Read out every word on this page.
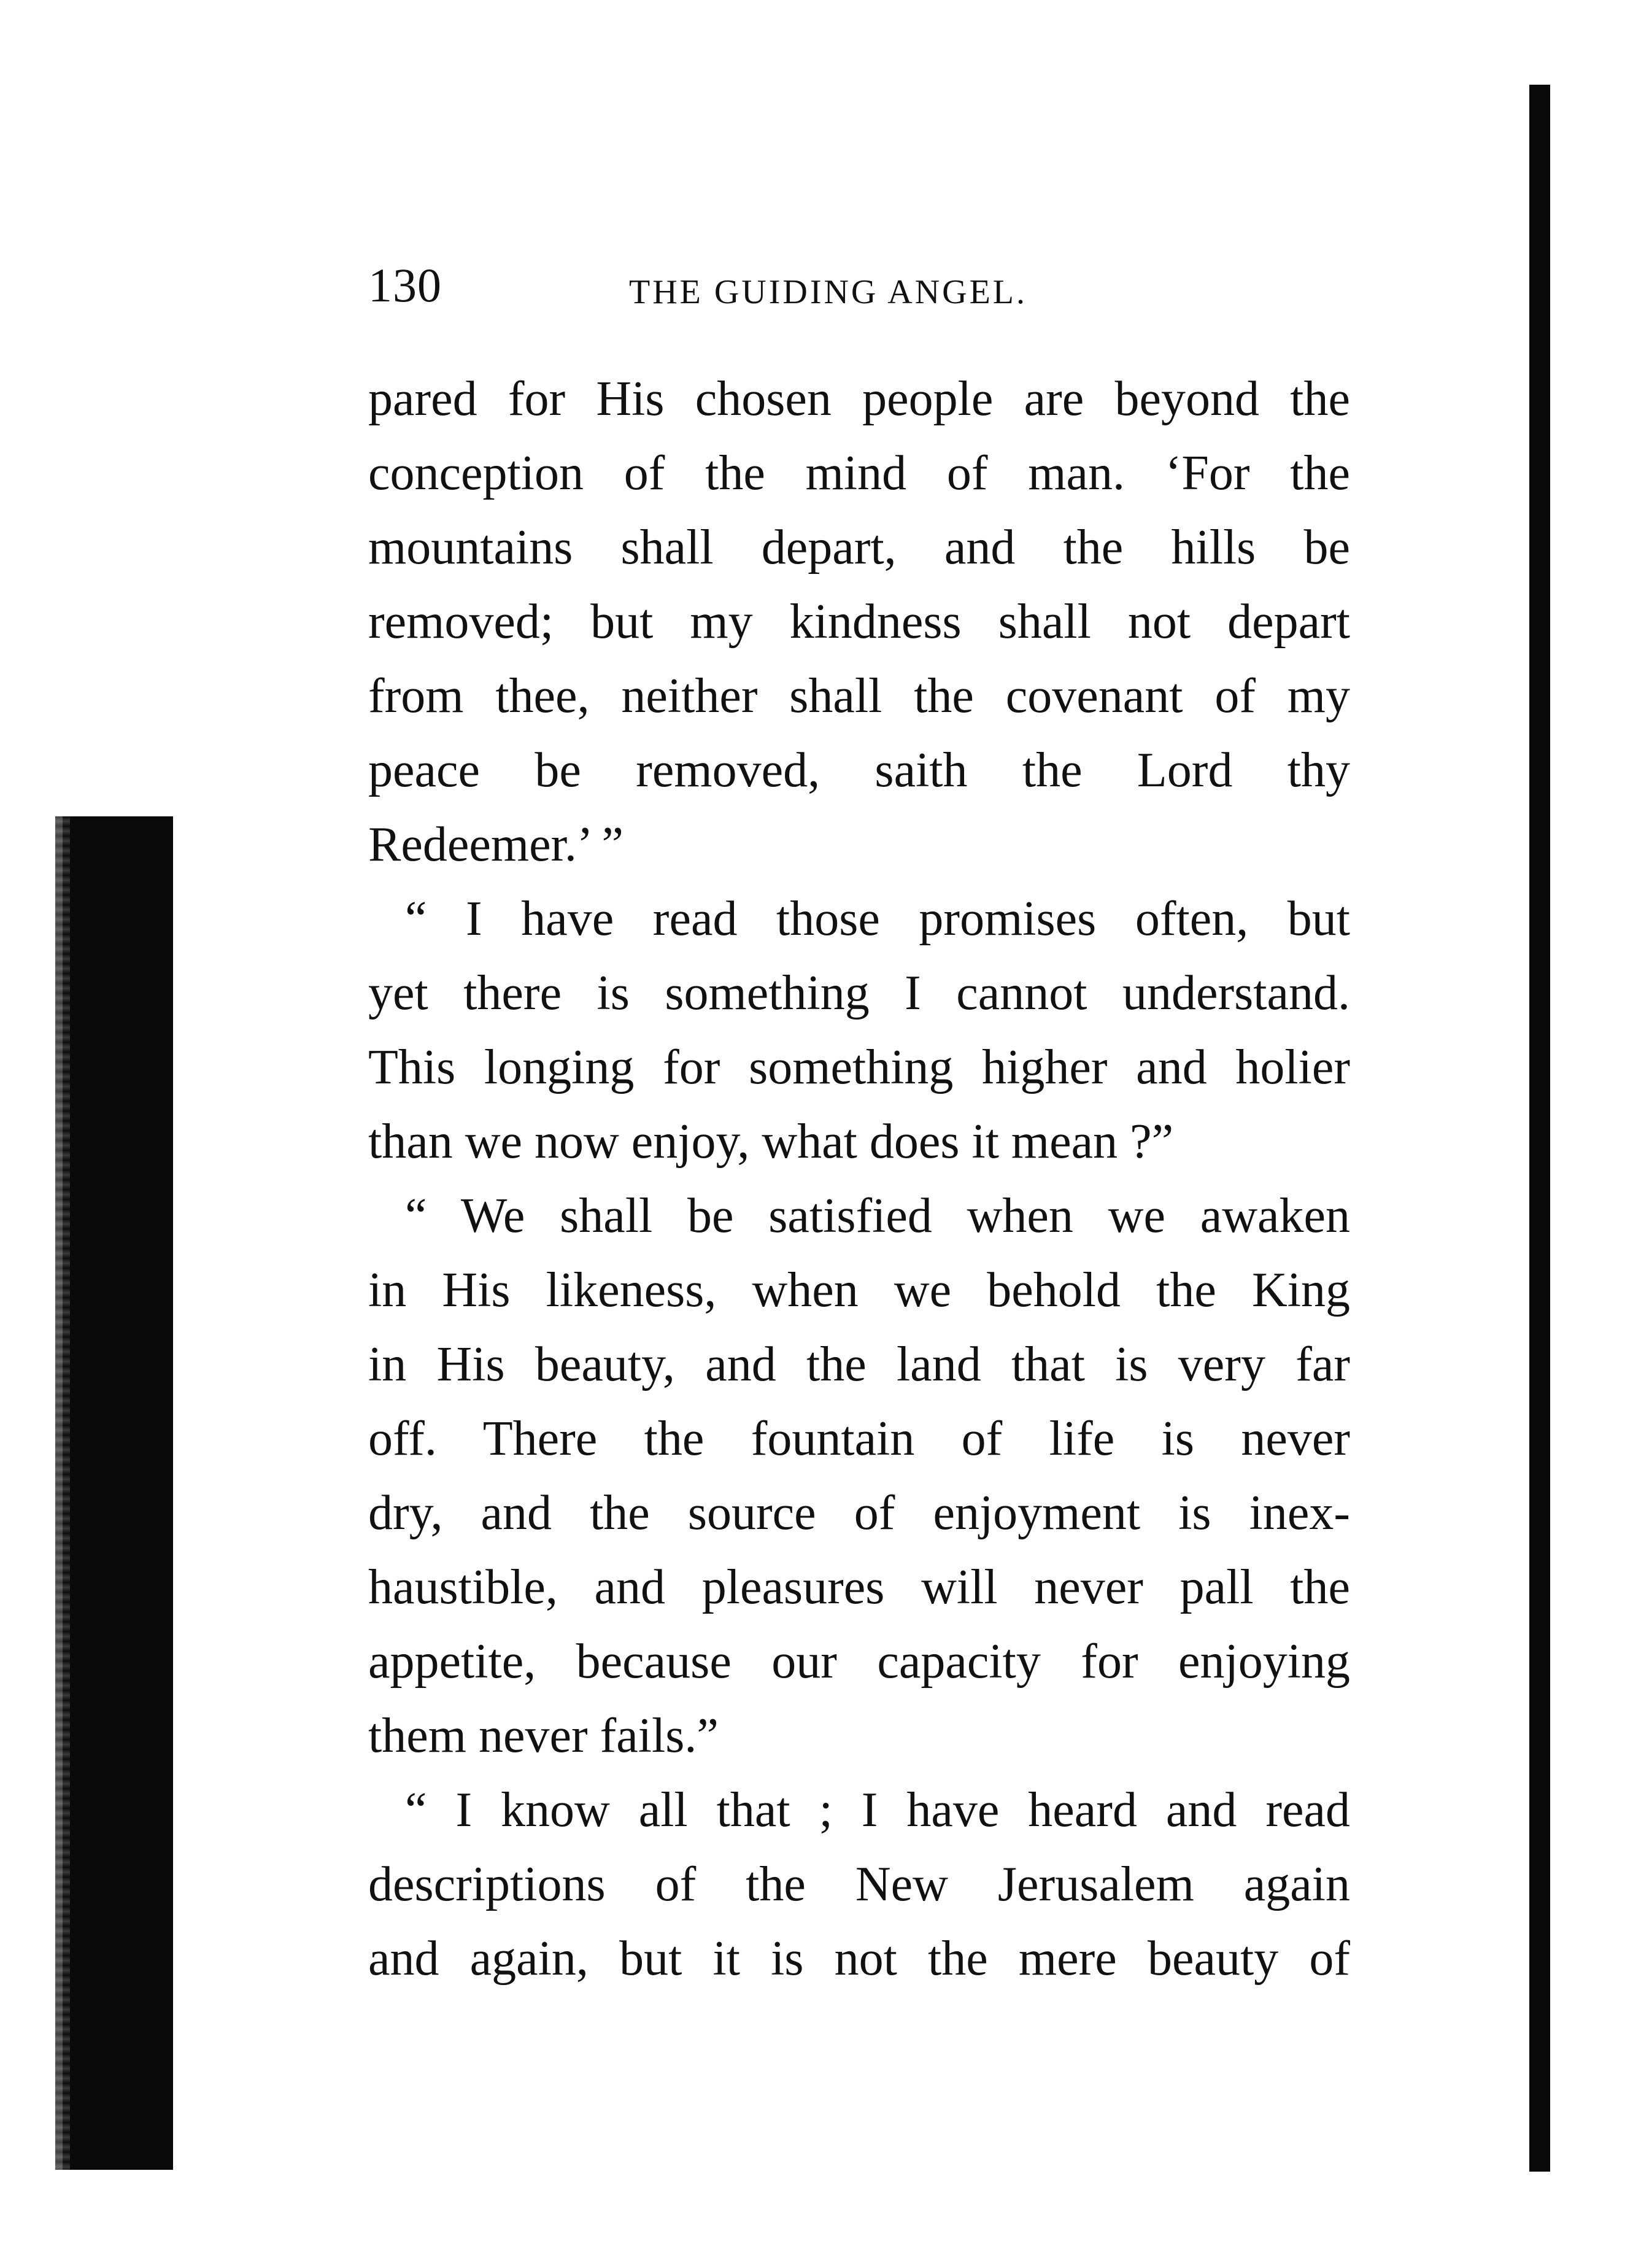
130	THE GUIDING ANGEL.
pared for His chosen people are beyond the
conception of the mind of man. ‘For the
mountains shall depart, and the hills be
removed; but my kindness shall not depart
from thee, neither shall the covenant of my
peace be removed, saith the Lord thy
Redeemer.’ ”
“ I have read those promises often, but
yet there is something I cannot understand.
This longing for something higher and holier
than we now enjoy, what does it mean ?”
“ We shall be satisfied when we awaken
in His likeness, when we behold the King
in His beauty, and the land that is very far
off. There the fountain of life is never
dry, and the source of enjoyment is inex-
haustible, and pleasures will never pall the
appetite, because our capacity for enjoying
them never fails.”
“ I know all that ; I have heard and read
descriptions of the New Jerusalem again
and again, but it is not the mere beauty of
